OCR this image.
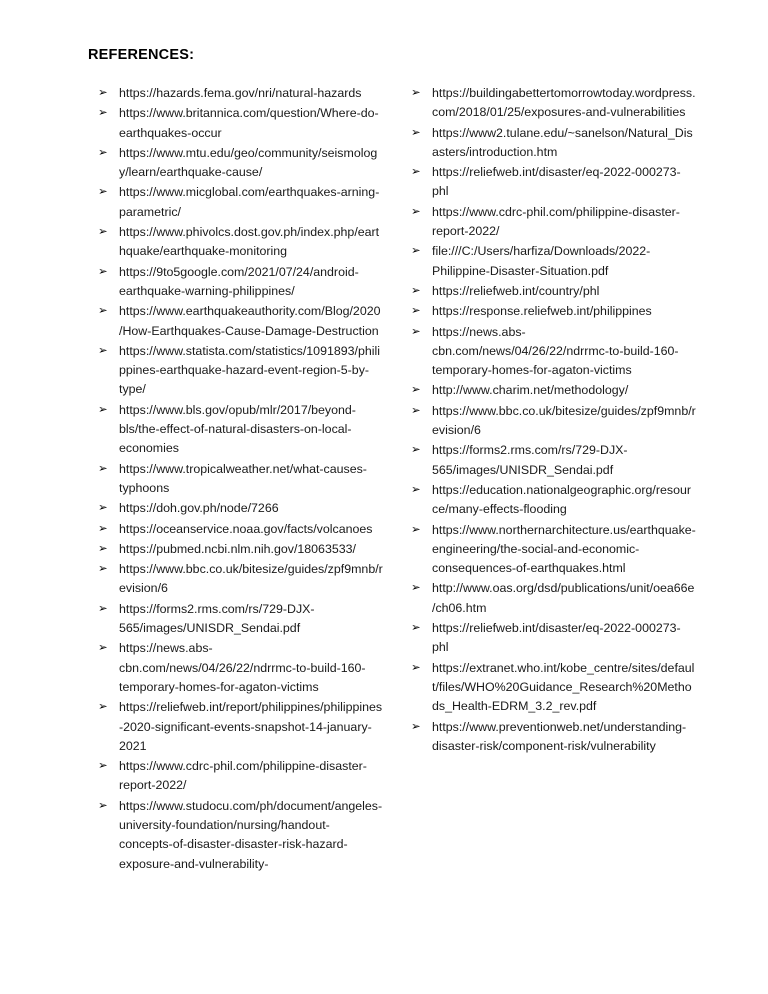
REFERENCES:
➢ https://hazards.fema.gov/nri/natural-hazards
➢ https://www.britannica.com/question/Where-do-earthquakes-occur
➢ https://www.mtu.edu/geo/community/seismology/learn/earthquake-cause/
➢ https://www.micglobal.com/earthquakes-arning-parametric/
➢ https://www.phivolcs.dost.gov.ph/index.php/earthquake/earthquake-monitoring
➢ https://9to5google.com/2021/07/24/android-earthquake-warning-philippines/
➢ https://www.earthquakeauthority.com/Blog/2020/How-Earthquakes-Cause-Damage-Destruction
➢ https://www.statista.com/statistics/1091893/philippines-earthquake-hazard-event-region-5-by-type/
➢ https://www.bls.gov/opub/mlr/2017/beyond-bls/the-effect-of-natural-disasters-on-local-economies
➢ https://www.tropicalweather.net/what-causes-typhoons
➢ https://doh.gov.ph/node/7266
➢ https://oceanservice.noaa.gov/facts/volcanoes
➢ https://pubmed.ncbi.nlm.nih.gov/18063533/
➢ https://www.bbc.co.uk/bitesize/guides/zpf9mnb/revision/6
➢ https://forms2.rms.com/rs/729-DJX-565/images/UNISDR_Sendai.pdf
➢ https://news.abs-cbn.com/news/04/26/22/ndrrmc-to-build-160-temporary-homes-for-agaton-victims
➢ https://reliefweb.int/report/philippines/philippines-2020-significant-events-snapshot-14-january-2021
➢ https://www.cdrc-phil.com/philippine-disaster-report-2022/
➢ https://www.studocu.com/ph/document/angeles-university-foundation/nursing/handout-concepts-of-disaster-disaster-risk-hazard-exposure-and-vulnerability-
➢ https://buildingabettertomorrowtoday.wordpress.com/2018/01/25/exposures-and-vulnerabilities
➢ https://www2.tulane.edu/~sanelson/Natural_Disasters/introduction.htm
➢ https://reliefweb.int/disaster/eq-2022-000273-phl
➢ https://www.cdrc-phil.com/philippine-disaster-report-2022/
➢ file:///C:/Users/harfiza/Downloads/2022-Philippine-Disaster-Situation.pdf
➢ https://reliefweb.int/country/phl
➢ https://response.reliefweb.int/philippines
➢ https://news.abs-cbn.com/news/04/26/22/ndrrmc-to-build-160-temporary-homes-for-agaton-victims
➢ http://www.charim.net/methodology/
➢ https://www.bbc.co.uk/bitesize/guides/zpf9mnb/revision/6
➢ https://forms2.rms.com/rs/729-DJX-565/images/UNISDR_Sendai.pdf
➢ https://education.nationalgeographic.org/resource/many-effects-flooding
➢ https://www.northernarchitecture.us/earthquake-engineering/the-social-and-economic-consequences-of-earthquakes.html
➢ http://www.oas.org/dsd/publications/unit/oea66e/ch06.htm
➢ https://reliefweb.int/disaster/eq-2022-000273-phl
➢ https://extranet.who.int/kobe_centre/sites/default/files/WHO%20Guidance_Research%20Methods_Health-EDRM_3.2_rev.pdf
➢ https://www.preventionweb.net/understanding-disaster-risk/component-risk/vulnerability
